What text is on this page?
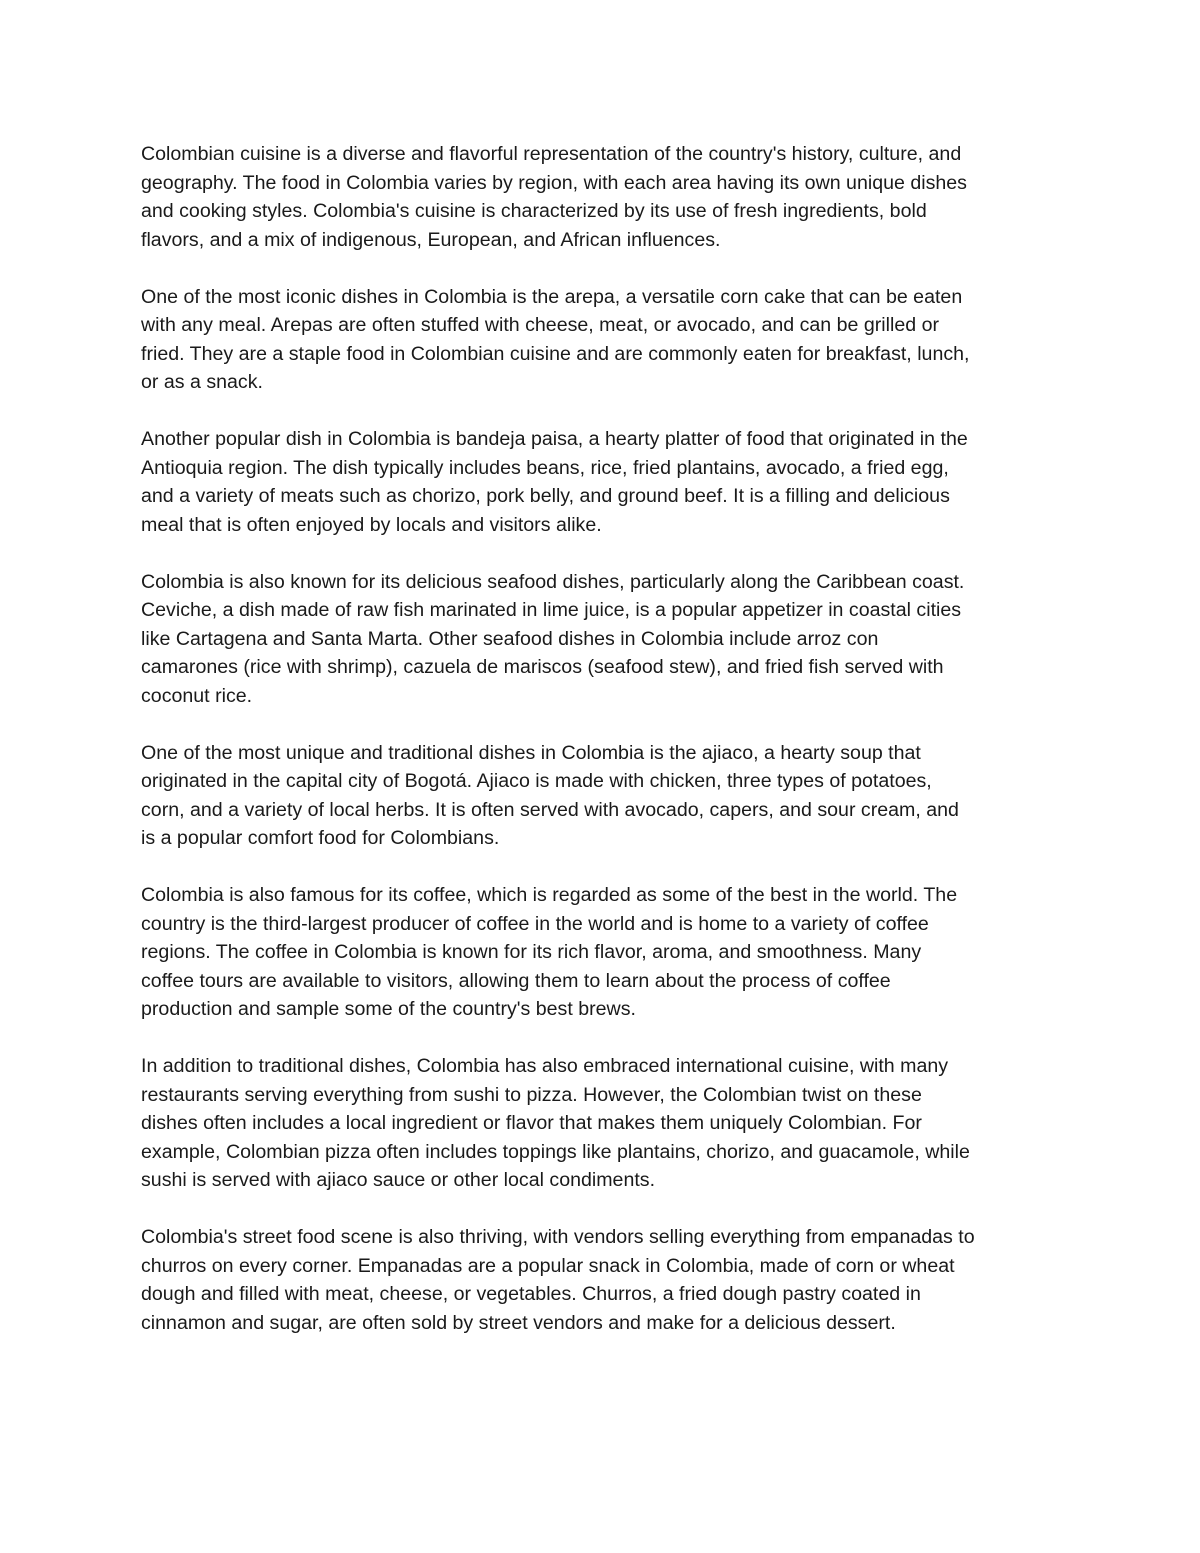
Colombian cuisine is a diverse and flavorful representation of the country's history, culture, and
geography. The food in Colombia varies by region, with each area having its own unique dishes
and cooking styles. Colombia's cuisine is characterized by its use of fresh ingredients, bold
flavors, and a mix of indigenous, European, and African influences.

One of the most iconic dishes in Colombia is the arepa, a versatile corn cake that can be eaten
with any meal. Arepas are often stuffed with cheese, meat, or avocado, and can be grilled or
fried. They are a staple food in Colombian cuisine and are commonly eaten for breakfast, lunch,
or as a snack.

Another popular dish in Colombia is bandeja paisa, a hearty platter of food that originated in the
Antioquia region. The dish typically includes beans, rice, fried plantains, avocado, a fried egg,
and a variety of meats such as chorizo, pork belly, and ground beef. It is a filling and delicious
meal that is often enjoyed by locals and visitors alike.

Colombia is also known for its delicious seafood dishes, particularly along the Caribbean coast.
Ceviche, a dish made of raw fish marinated in lime juice, is a popular appetizer in coastal cities
like Cartagena and Santa Marta. Other seafood dishes in Colombia include arroz con
camarones (rice with shrimp), cazuela de mariscos (seafood stew), and fried fish served with
coconut rice.

One of the most unique and traditional dishes in Colombia is the ajiaco, a hearty soup that
originated in the capital city of Bogotá. Ajiaco is made with chicken, three types of potatoes,
corn, and a variety of local herbs. It is often served with avocado, capers, and sour cream, and
is a popular comfort food for Colombians.

Colombia is also famous for its coffee, which is regarded as some of the best in the world. The
country is the third-largest producer of coffee in the world and is home to a variety of coffee
regions. The coffee in Colombia is known for its rich flavor, aroma, and smoothness. Many
coffee tours are available to visitors, allowing them to learn about the process of coffee
production and sample some of the country's best brews.

In addition to traditional dishes, Colombia has also embraced international cuisine, with many
restaurants serving everything from sushi to pizza. However, the Colombian twist on these
dishes often includes a local ingredient or flavor that makes them uniquely Colombian. For
example, Colombian pizza often includes toppings like plantains, chorizo, and guacamole, while
sushi is served with ajiaco sauce or other local condiments.

Colombia's street food scene is also thriving, with vendors selling everything from empanadas to
churros on every corner. Empanadas are a popular snack in Colombia, made of corn or wheat
dough and filled with meat, cheese, or vegetables. Churros, a fried dough pastry coated in
cinnamon and sugar, are often sold by street vendors and make for a delicious dessert.
